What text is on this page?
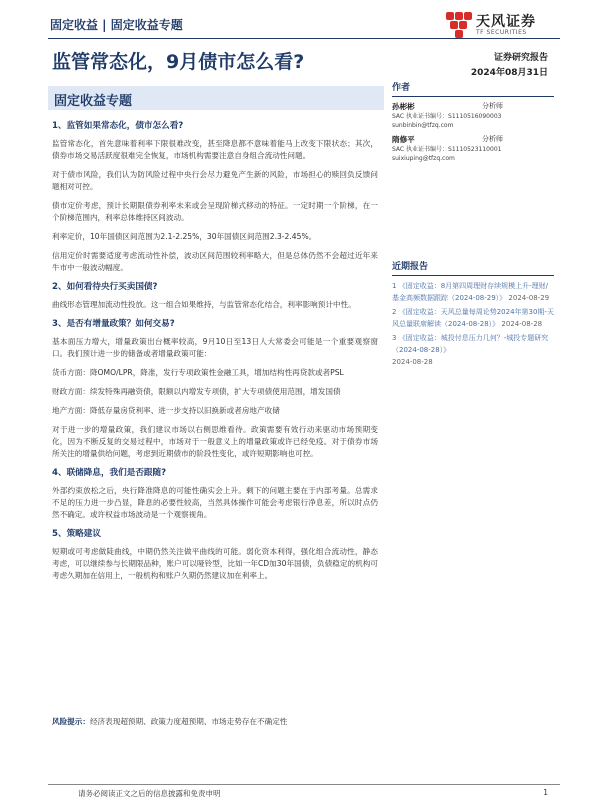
固定收益 | 固定收益专题	天风证券
TF SECURITIES
监管常态化，9月债市怎么看?	证券研究报告
2024年08月31日
固定收益专题
1、监管如果常态化，债市怎么看?

监管常态化，首先意味着利率下限很难改变，甚至降息都不意味着能马上改变下限状态；其次，债券市场交易活跃度很难完全恢复，市场机构需要注意自身组合流动性问题。

对于债市风险，我们认为防风险过程中央行会尽力避免产生新的风险，市场担心的赎回负反馈问题相对可控。

债市定价考虑，预计长期限债券利率未来或会呈现阶梯式移动的特征。一定时期一个阶梯，在一个阶梯范围内，利率总体维持区间波动。

利率定价，10年国债区间范围为2.1-2.25%，30年国债区间范围2.3-2.45%。

信用定价时需要适度考虑流动性补偿，波动区间范围较利率略大，但是总体仍然不会超过近年来牛市中一般波动幅度。

2、如何看待央行买卖国债?

曲线形态管理加流动性投放。这一组合如果维持，与监管常态化结合，利率影响预计中性。

3、是否有增量政策？如何交易?

基本面压力增大，增量政策出台概率较高，9月10日至13日人大常委会可能是一个重要观察窗口。我们预计进一步的储备或者增量政策可能：

货币方面：降OMO/LPR，降准，发行专项政策性金融工具，增加结构性再贷款或者PSL

财政方面：续发特殊再融资债，限额以内增发专项债，扩大专项债使用范围，增发国债

地产方面：降低存量房贷利率、进一步支持以旧换新或者房地产收储

对于进一步的增量政策，我们建议市场以右侧思维看待。政策需要有效行动来驱动市场预期变化，因为不断反复的交易过程中，市场对于一般意义上的增量政策或许已经免疫。对于债券市场所关注的增量供给问题，考虑到近期债市的阶段性变化，或许短期影响也可控。

4、联储降息，我们是否跟随?

外部约束放松之后，央行降准降息的可能性确实会上升。剩下的问题主要在于内部考量。总需求不足的压力进一步凸显，降息的必要性较高，当然具体操作可能会考虑银行净息差，所以时点仍然不确定。或许权益市场波动是一个观察视角。

5、策略建议

短期或可考虑做陡曲线，中期仍然关注做平曲线的可能。弱化资本利得，强化组合流动性，静态考虑，可以继续参与长期限品种，账户可以哑铃型，比如一年CD加30年国债，负债稳定的机构可考虑久期加在信用上，一般机构和账户久期仍然建议加在利率上。

风险提示：经济表现超预期、政策力度超预期、市场走势存在不确定性
作者
孙彬彬	分析师
SAC 执业证书编号：S1110516090003
sunbinbin@tfzq.com
隋修平	分析师
SAC 执业证书编号：S1110523110001
suixiuping@tfzq.com
近期报告
1 《固定收益：8月第四周理财存续规模上升-理财/基金高频数据跟踪（2024-08-29）》 2024-08-29
2 《固定收益：天风总量每周论势2024年第30期-天风总量联席解读（2024-08-28）》 2024-08-28
3 《固定收益：城投付息压力几何？-城投专题研究（2024-08-28）》
2024-08-28
请务必阅读正文之后的信息披露和免责申明	1
